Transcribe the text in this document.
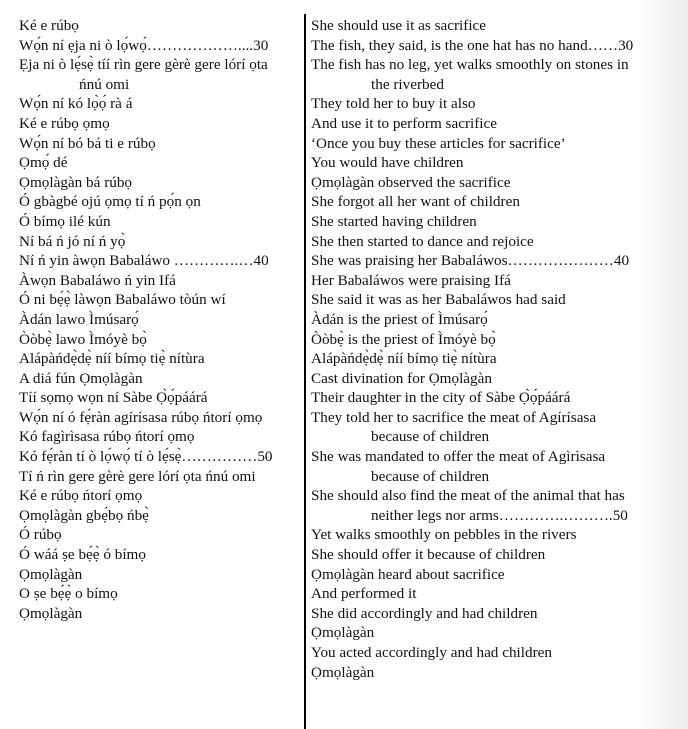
Ké e rúbọ
Wọ́n ní ẹja ni ò lọ́wọ́………………....30
Ẹja ni ò lẹ́sẹ̀ tíí rìn gere gèrè gere lórí ọta
ńnú omi
Wọ́n ní kó lọ̀ọ́ rà á
Ké e rúbọ ọmọ
Wọ́n ní bó bá ti e rúbọ
Ọmọ́ dé
Ọmọlàgàn bá rúbọ
Ó gbàgbé ojú ọmọ tí ń pọ́n ọn
Ó bímọ ilé kún
Ní bá ń jó ní ń yọ̀
Ní ń yin àwọn Babaláwo ………….…40
Àwọn Babaláwo ń yin Ifá
Ó ni bẹ́ẹ̀ làwọn Babaláwo tòún wí
Àdán lawo Ìmúsarọ́
Òòbẹ̀ lawo Ìmóyè bọ̀
Alápàńdẹ̀dẹ̀ níí bímọ tiẹ̀ nítùra
A diá fún Ọmọlàgàn
Tíí sọmọ wọn ní Sàbe Ọ̀ọ́páárá
Wọ́n ní ó fẹ́ràn agírísasa rúbọ ńtorí ọmọ
Kó fagìrìsasa rúbọ ńtorí ọmọ
Kó fẹ́ràn tí ò lọ́wọ́ tí ò lẹ́sẹ̀……………50
Tí ń rìn gere gèrè gere lórí ọta ńnú omi
Ké e rúbọ ńtorí ọmọ
Ọmọlàgàn gbẹ́bọ ńbẹ̀
Ó rúbọ
Ó wáá ṣe bẹ́ẹ̀ ó bímọ
Ọmọlàgàn
O ṣe bẹ́ẹ̀ o bímọ
Ọmọlàgàn
She should use it as sacrifice
The fish, they said, is the one hat has no hand……30
The fish has no leg, yet walks smoothly on stones in
the riverbed
They told her to buy it also
And use it to perform sacrifice
‘Once you buy these articles for sacrifice’
You would have children
Ọmọlàgàn observed the sacrifice
She forgot all her want of children
She started having children
She then started to dance and rejoice
She was praising her Babaláwos…………………40
Her Babaláwos were praising Ifá
She said it was as her Babaláwos had said
Àdán is the priest of Ìmúsarọ́
Òòbẹ̀ is the priest of Ìmóyè bọ̀
Alápàńdẹ̀dẹ̀ níí bímọ tiẹ̀ nítùra
Cast divination for Ọmọlàgàn
Their daughter in the city of Sàbe Ọ̀ọ́páárá
They told her to sacrifice the meat of Agírísasa
because of children
She was mandated to offer the meat of Agìrìsasa
because of children
She should also find the meat of the animal that has
neither legs nor arms………….……….50
Yet walks smoothly on pebbles in the rivers
She should offer it because of children
Ọmọlàgàn heard about sacrifice
And performed it
She did accordingly and had children
Ọmọlàgàn
You acted accordingly and had children
Ọmọlàgàn
